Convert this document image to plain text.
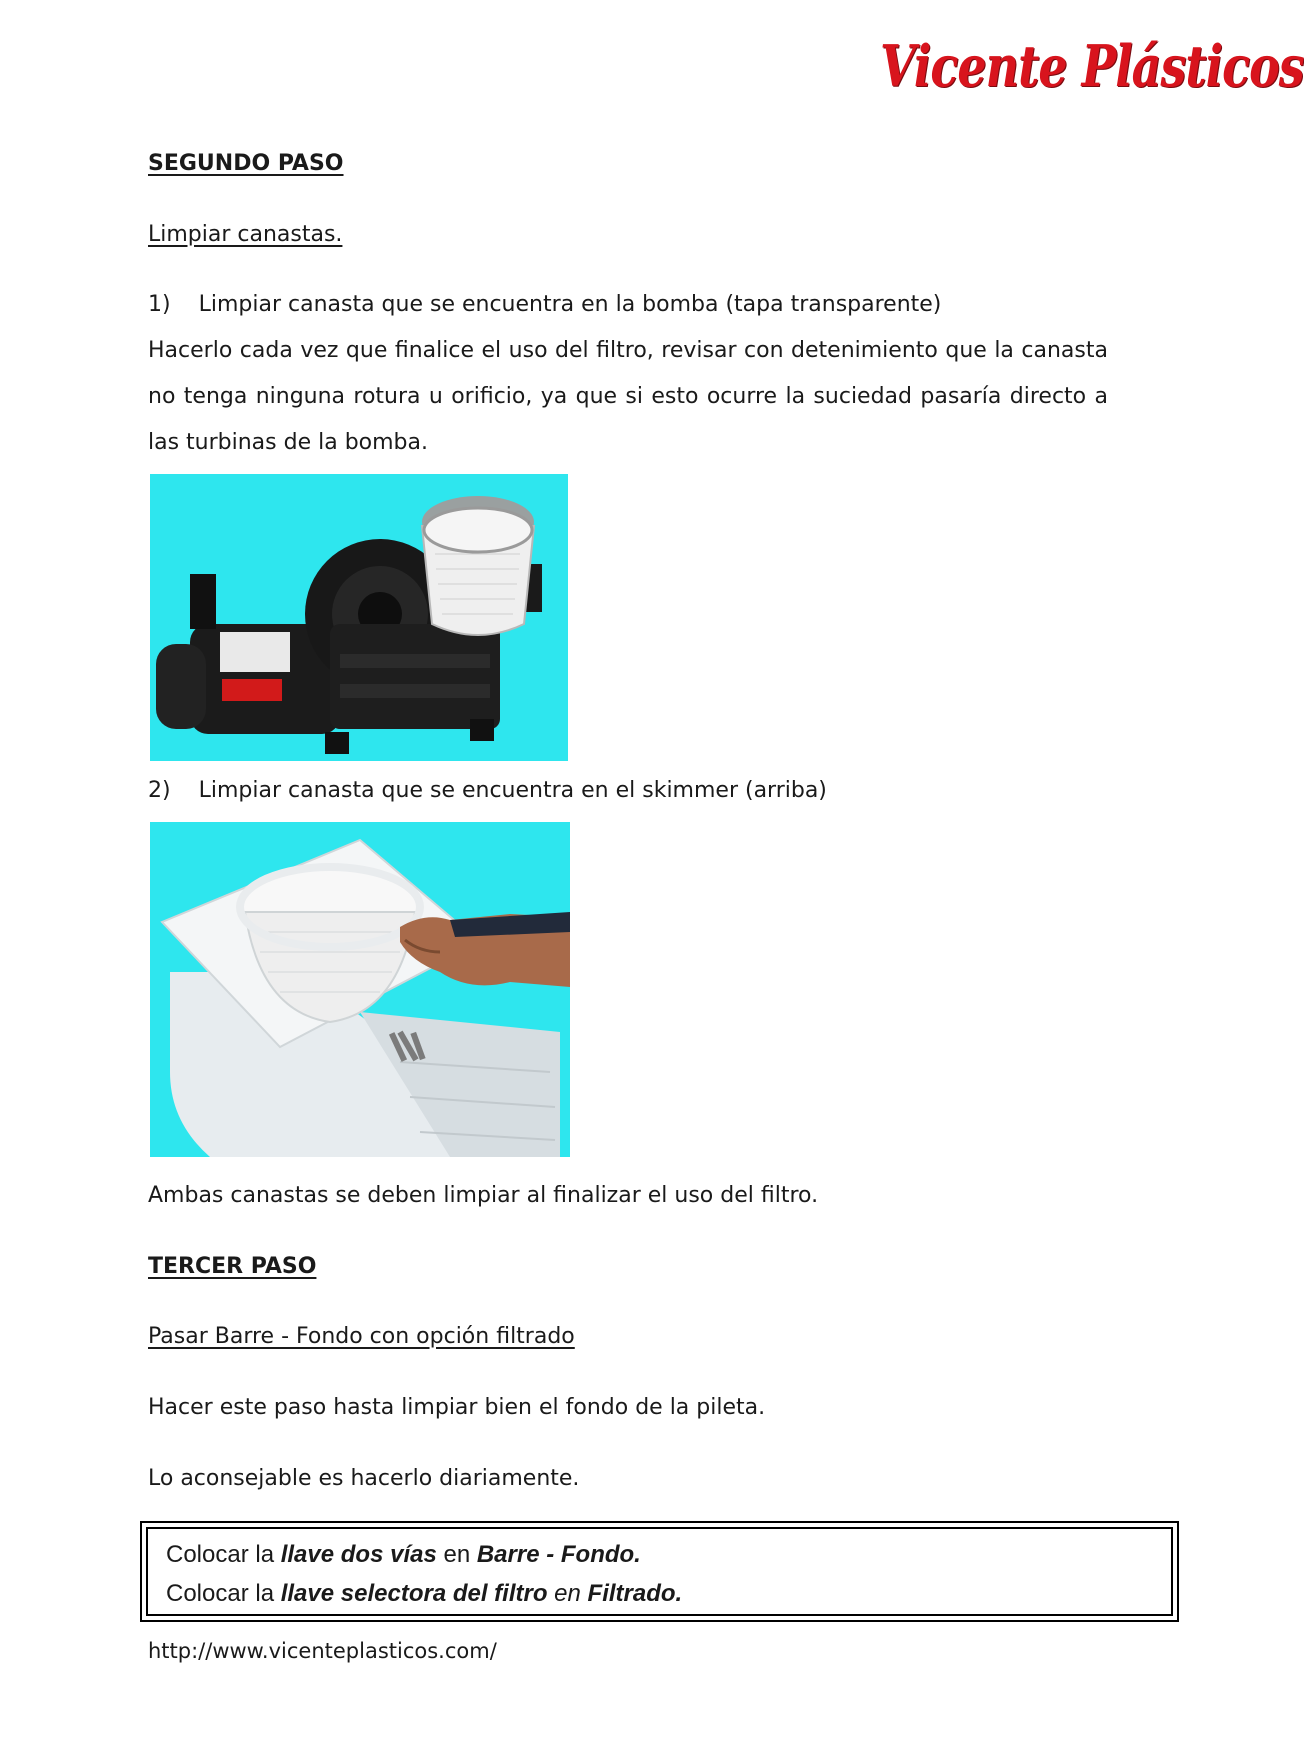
Vicente Plásticos
SEGUNDO PASO
Limpiar canastas.
1) Limpiar canasta que se encuentra en la bomba (tapa transparente)
Hacerlo cada vez que finalice el uso del filtro, revisar con detenimiento que la canasta no tenga ninguna rotura u orificio, ya que si esto ocurre la suciedad pasaría directo a las turbinas de la bomba.
2) Limpiar canasta que se encuentra en el skimmer (arriba)
Ambas canastas se deben limpiar al finalizar el uso del filtro.
TERCER PASO
Pasar Barre - Fondo con opción filtrado
Hacer este paso hasta limpiar bien el fondo de la pileta.
Lo aconsejable es hacerlo diariamente.
Colocar la llave dos vías en Barre - Fondo.
Colocar la llave selectora del filtro en Filtrado.
http://www.vicenteplasticos.com/
